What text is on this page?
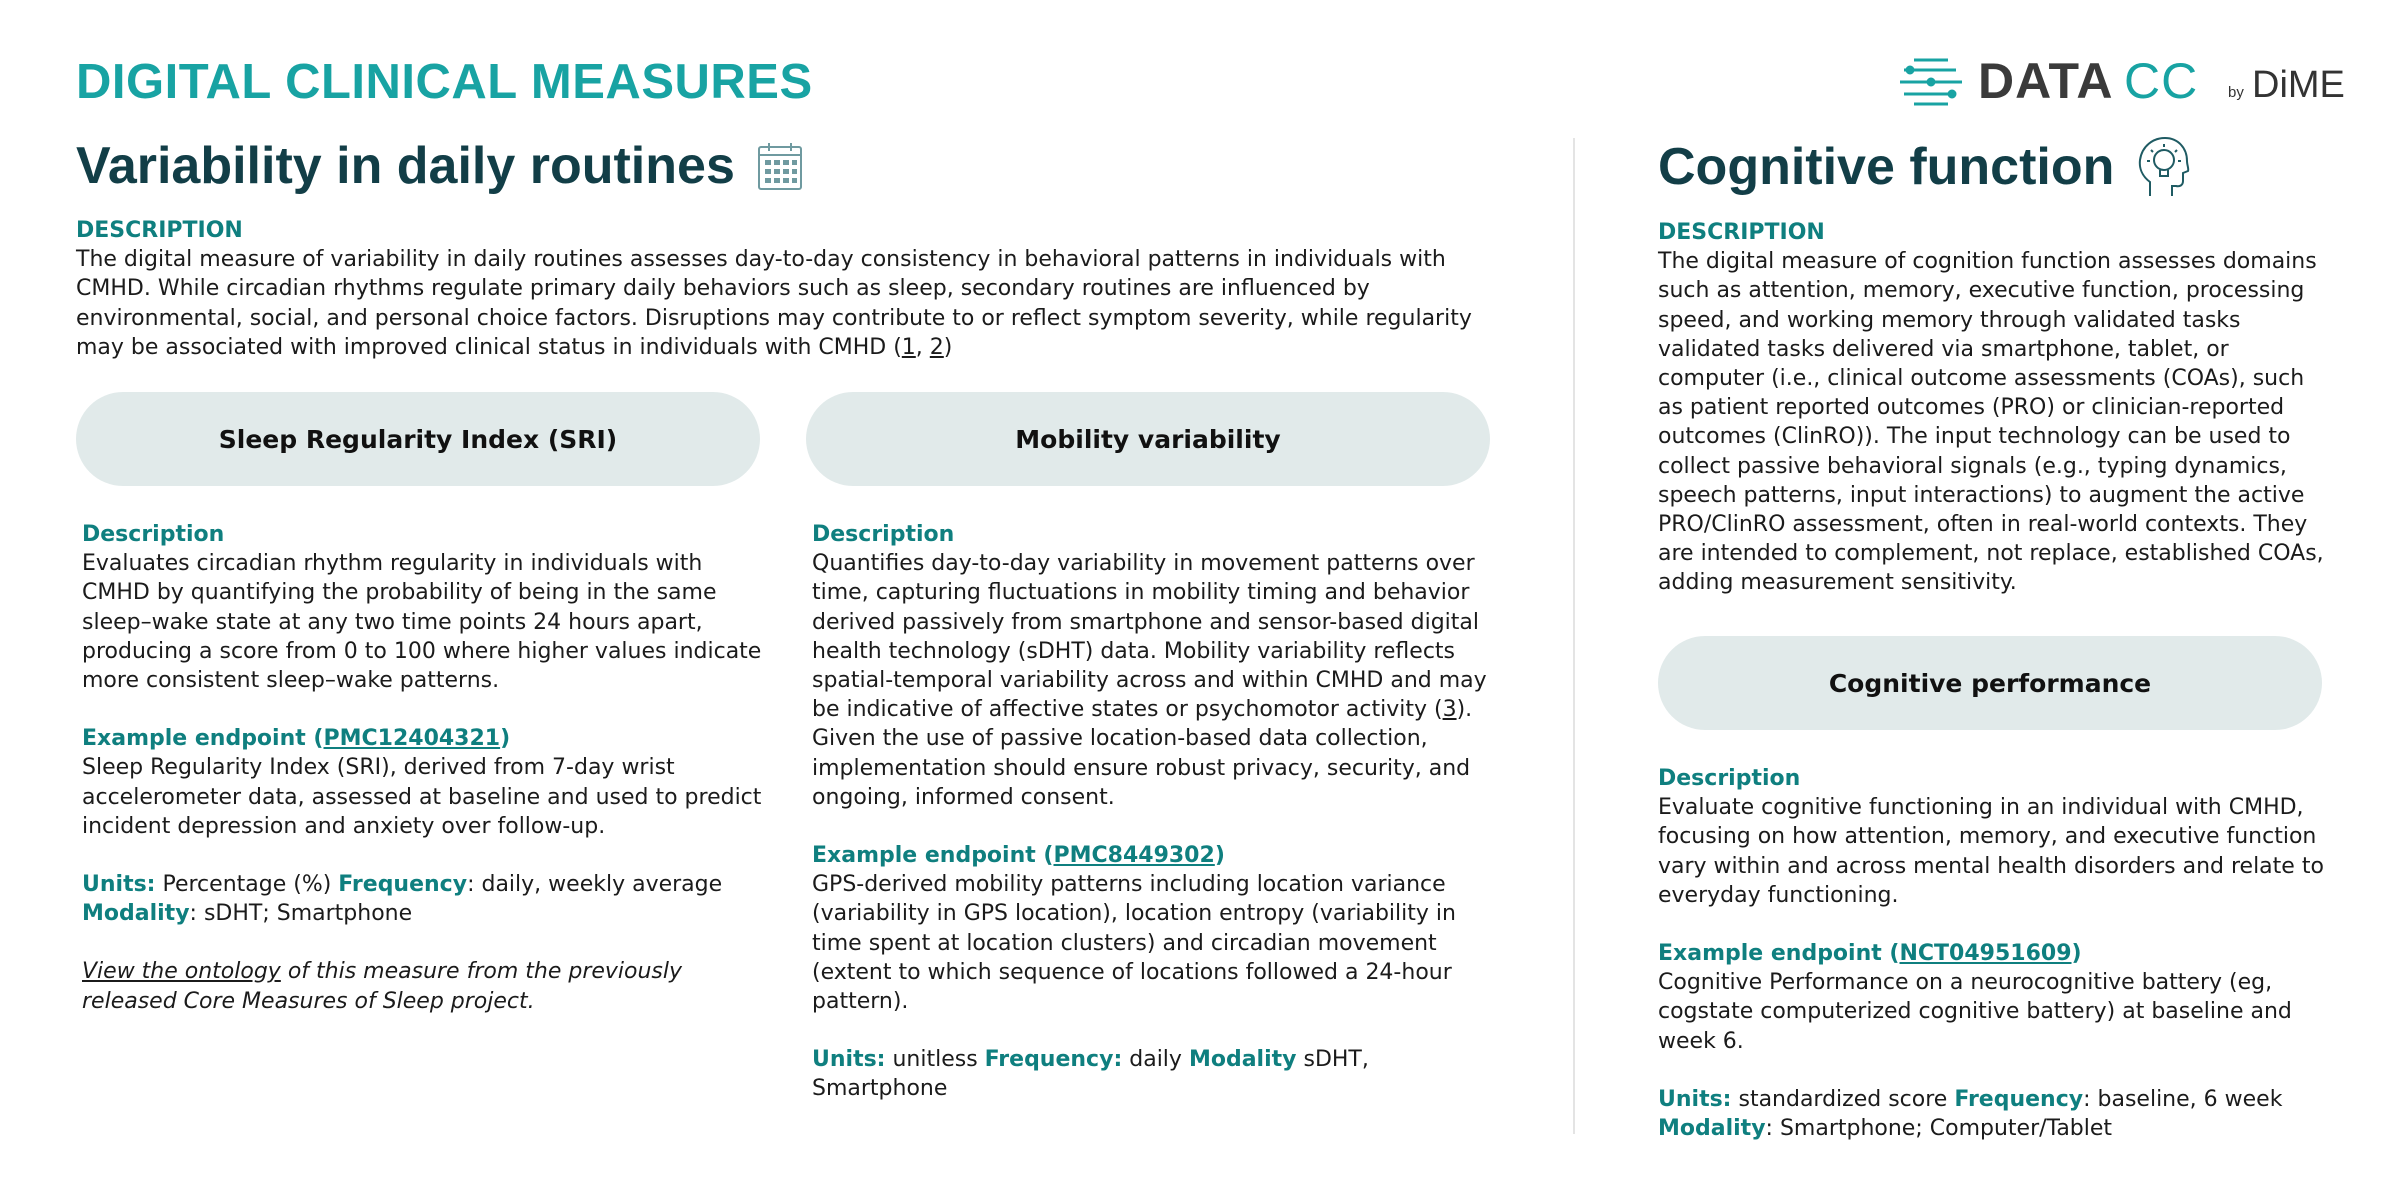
DIGITAL CLINICAL MEASURES	DATA CC by DiME
Variability in daily routines
DESCRIPTION

The digital measure of variability in daily routines assesses day-to-day consistency in behavioral patterns in individuals with CMHD. While circadian rhythms regulate primary daily behaviors such as sleep, secondary routines are influenced by environmental, social, and personal choice factors. Disruptions may contribute to or reflect symptom severity, while regularity may be associated with improved clinical status in individuals with CMHD (1, 2)

Sleep Regularity Index (SRI)
Description

Evaluates circadian rhythm regularity in individuals with CMHD by quantifying the probability of being in the same sleep–wake state at any two time points 24 hours apart, producing a score from 0 to 100 where higher values indicate more consistent sleep–wake patterns.

Example endpoint (PMC12404321)

Sleep Regularity Index (SRI), derived from 7-day wrist accelerometer data, assessed at baseline and used to predict incident depression and anxiety over follow-up.

Units: Percentage (%) Frequency: daily, weekly average

Modality: sDHT; Smartphone

View the ontology of this measure from the previously released Core Measures of Sleep project.

Mobility variability
Description

Quantifies day-to-day variability in movement patterns over time, capturing fluctuations in mobility timing and behavior derived passively from smartphone and sensor-based digital health technology (sDHT) data. Mobility variability reflects spatial-temporal variability across and within CMHD and may be indicative of affective states or psychomotor activity (3). Given the use of passive location-based data collection, implementation should ensure robust privacy, security, and ongoing, informed consent.

Example endpoint (PMC8449302)

GPS-derived mobility patterns including location variance (variability in GPS location), location entropy (variability in time spent at location clusters) and circadian movement (extent to which sequence of locations followed a 24-hour pattern).

Units: unitless Frequency: daily Modality sDHT, Smartphone

Cognitive function
DESCRIPTION

The digital measure of cognition function assesses domains such as attention, memory, executive function, processing speed, and working memory through validated tasks validated tasks delivered via smartphone, tablet, or computer (i.e., clinical outcome assessments (COAs), such as patient reported outcomes (PRO) or clinician-reported outcomes (ClinRO)). The input technology can be used to collect passive behavioral signals (e.g., typing dynamics, speech patterns, input interactions) to augment the active PRO/ClinRO assessment, often in real-world contexts. They are intended to complement, not replace, established COAs, adding measurement sensitivity.

Cognitive performance
Description

Evaluate cognitive functioning in an individual with CMHD, focusing on how attention, memory, and executive function vary within and across mental health disorders and relate to everyday functioning.

Example endpoint (NCT04951609)

Cognitive Performance on a neurocognitive battery (eg, cogstate computerized cognitive battery) at baseline and week 6.

Units: standardized score Frequency: baseline, 6 week

Modality: Smartphone; Computer/Tablet
